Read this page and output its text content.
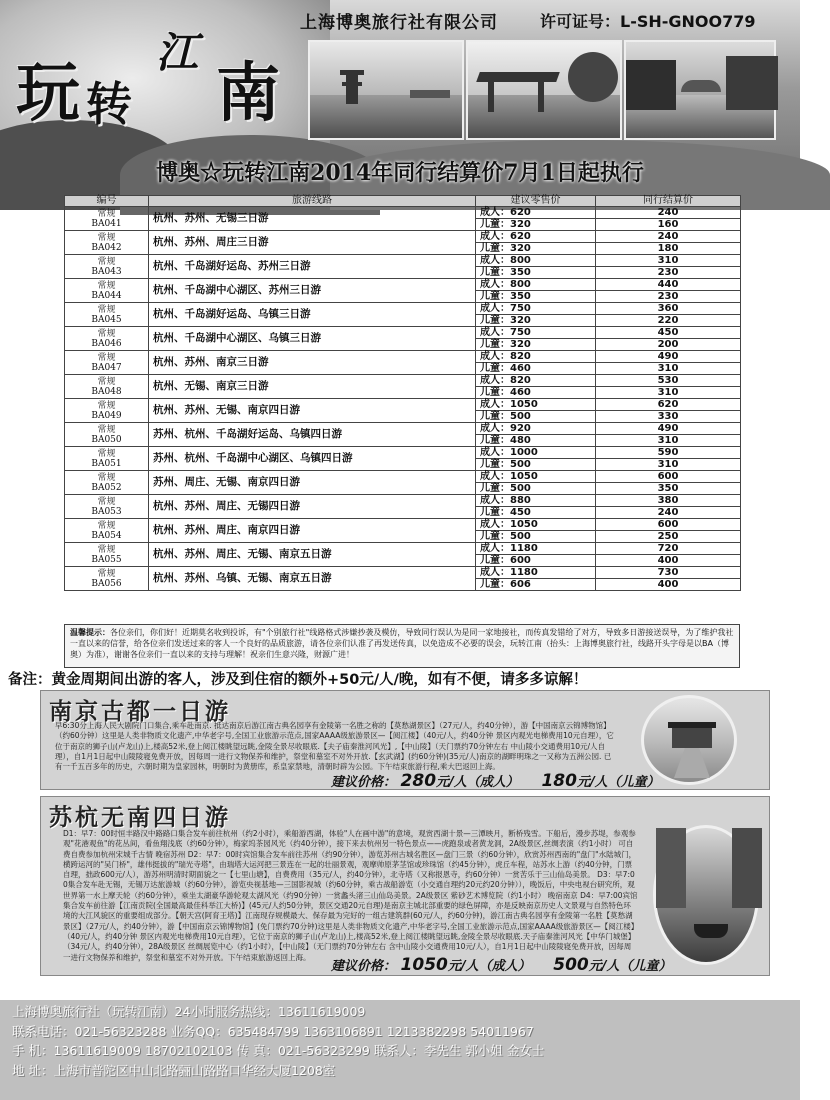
上海博奥旅行社有限公司	许可证号：L-SH-GNOO779
玩 转
江
南
博奥☆玩转江南2014年同行结算价7月1日起执行
编号	旅游线路	建议零售价	同行结算价
常规
BA041	杭州、苏州、无锡三日游	成人：620	240
		儿童：320	160
常规
BA042	杭州、苏州、周庄三日游	成人：620	240
		儿童：320	180
常规
BA043	杭州、千岛湖好运岛、苏州三日游	成人：800	310
		儿童：350	230
常规
BA044	杭州、千岛湖中心湖区、苏州三日游	成人：800	440
		儿童：350	230
常规
BA045	杭州、千岛湖好运岛、乌镇三日游	成人：750	360
		儿童：320	220
常规
BA046	杭州、千岛湖中心湖区、乌镇三日游	成人：750	450
		儿童：320	200
常规
BA047	杭州、苏州、南京三日游	成人：820	490
		儿童：460	310
常规
BA048	杭州、无锡、南京三日游	成人：820	530
		儿童：460	310
常规
BA049	杭州、苏州、无锡、南京四日游	成人：1050	620
		儿童：500	330
常规
BA050	苏州、杭州、千岛湖好运岛、乌镇四日游	成人：920	490
		儿童：480	310
常规
BA051	苏州、杭州、千岛湖中心湖区、乌镇四日游	成人：1000	590
		儿童：500	310
常规
BA052	苏州、周庄、无锡、南京四日游	成人：1050	600
		儿童：500	350
常规
BA053	杭州、苏州、周庄、无锡四日游	成人：880	380
		儿童：450	240
常规
BA054	杭州、苏州、周庄、南京四日游	成人：1050	600
		儿童：500	250
常规
BA055	杭州、苏州、周庄、无锡、南京五日游	成人：1180	720
		儿童：600	400
常规
BA056	杭州、苏州、乌镇、无锡、南京五日游	成人：1180	730
		儿童：606	400
温馨提示：各位亲们，你们好！近期莫名收到投诉，有"个别旅行社"线路格式涉嫌抄袭及模仿，导致同行误认为是同一家地接社，而传真发错给了对方，导致多日游接送误导，为了维护我社一直以来的信誉，给各位亲们发送过来的客人一个良好的品质旅游，请各位亲们认准了再发送传真，以免造成不必要的误会，玩转江南（抬头：上海博奥旅行社，线路开头字母是以BA（博奥）为准），谢谢各位亲们一直以来的支持与理解！祝亲们生意兴隆，财源广进！
备注：黄金周期间出游的客人，涉及到住宿的额外+50元/人/晚，如有不便，请多多谅解！
南京古都一日游
早6:30分上海人民大剧院门口集合,乘车赴南京. 抵达南京后游江南古典名园享有金陵第一名胜之称的【莫愁湖景区】（27元/人，约40分钟），游【中国南京云锦博物馆】（约60分钟）这里是人类非物质文化遗产,中华老字号,全国工业旅游示范点,国家AAAA级旅游景区—【阅江楼】（40元/人，约40分钟 景区内观光电梯费用10元自理），它位于南京的狮子山(卢龙山)上,楼高52米,登上阅江楼眺望远眺,金陵全景尽收眼底.【夫子庙秦淮河风光】,【中山陵】（天门票约70分钟左右 中山陵小交通费用10元/人自理），自1月1日起中山陵陵寝免费开放，因每周一进行文物保养和维护，祭堂和墓室不对外开放.【玄武湖】(约60分钟)(35元/人)南京的湖畔明珠之一又称为五洲公园. 已有一千五百多年的历史，六朝时期为皇家园林，明朝时为黄册库，系皇家禁地，清朝时辟为公园。下午结束旅游行程,乘大巴返回上海。
建议价格： 280元/人（成人） 180元/人（儿童）
苏杭无南四日游
D1：早7：00时恒丰路汉中路路口集合发车前往杭州（约2小时），乘船游西湖，体验"人在画中游"的意境，观赏西湖十景—三潭映月，断桥残雪。下船后，漫步苏堤，参观参观"花港观鱼"的花丛间，看鱼翔浅底（约60分钟），梅家坞茶园风光（约40分钟），接下来去杭州另一特色景点——虎跑泉或者黄龙洞，2A级景区,丝绸表演（约1小时） 可自费自费参加杭州宋城千古情 晚宿苏州 D2：早7：00时宾馆集合发车前往苏州（约90分钟），游览苏州古城名胜区—盘门三景（约60分钟），欣赏苏州西南的"盘门"水陆城门，横跨运河的"吴门桥"，雄伟挺拔的"瑞光寺塔"，由瑞塔大运河把三景连在一起的壮丽景观，观摩帅原茅茎馆或珍珠馆（约45分钟），虎丘车程，站苏水上游（约40分钟，门票自理，拙政600元/人），游苏州明清时期面貌之一【七里山塘】，自费费用（35元/人，约40分钟），北寺塔（又称报恩寺，约60分钟）一赏苦乐于三山仙岛美景。 D3：早7:00集合发车赴无锡，无锡万达旅游城（约60分钟），游览央视基地—三国影视城（约60分钟，乘古战船游览（小交通自理约20元约20分钟）），晚饭后，中央电视台研究所，观世界第一水上摩天轮（约60分钟），乘坐太湖豪华游轮观太湖风光（约90分钟）一赏蠡头渚三山仙岛美景。2A级景区 紫砂艺术博览院（约1小时） 晚宿南京 D4：早7:00宾馆集合发车前往游【江南贡院(全国最高最佳科举江大桥)】(45元/人约50分钟，景区交通20元自理)是南京主城北部重要的绿色屏障，亦是反映南京历史人文景观与自然特色环境的大江风貌区的重要组成部分。【朝天宫(阿育王塔)】江南现存规模最大、保存最为完好的一组古建筑群(60元/人，约60分钟)，游江南古典名园享有金陵第一名胜【莫愁湖景区】（27元/人，约40分钟），游【中国南京云锦博物馆】(免门票约70分钟)这里是人类非物质文化遗产,中华老字号,全国工业旅游示范点,国家AAAA级旅游景区—【阅江楼】（40元/人，约40分钟 景区内观光电梯费用10元自理），它位于南京的狮子山(卢龙山)上,楼高52米,登上阅江楼眺望远眺,金陵全景尽收眼底.天子庙秦淮河风光【中华门城堡】（34元/人，约40分钟），28A级景区 丝绸展览中心（约1小时），【中山陵】（无门票约70分钟左右 含中山陵小交通费用10元/人），自1月1日起中山陵陵寝免费开放，因每周一进行文物保养和维护，祭堂和墓室不对外开放。下午结束旅游返回上海。
建议价格： 1050元/人（成人） 500元/人（儿童）
上海博奥旅行社（玩转江南）24小时服务热线：13611619009
联系电话：021-56323288 业务QQ：635484799 1363106891 1213382298 54011967
手 机：13611619009 18702102103 传 真：021-56323299 联系人：李先生 郭小姐 金女士
地 址：上海市普陀区中山北路骊山路路口华经大厦1208室
